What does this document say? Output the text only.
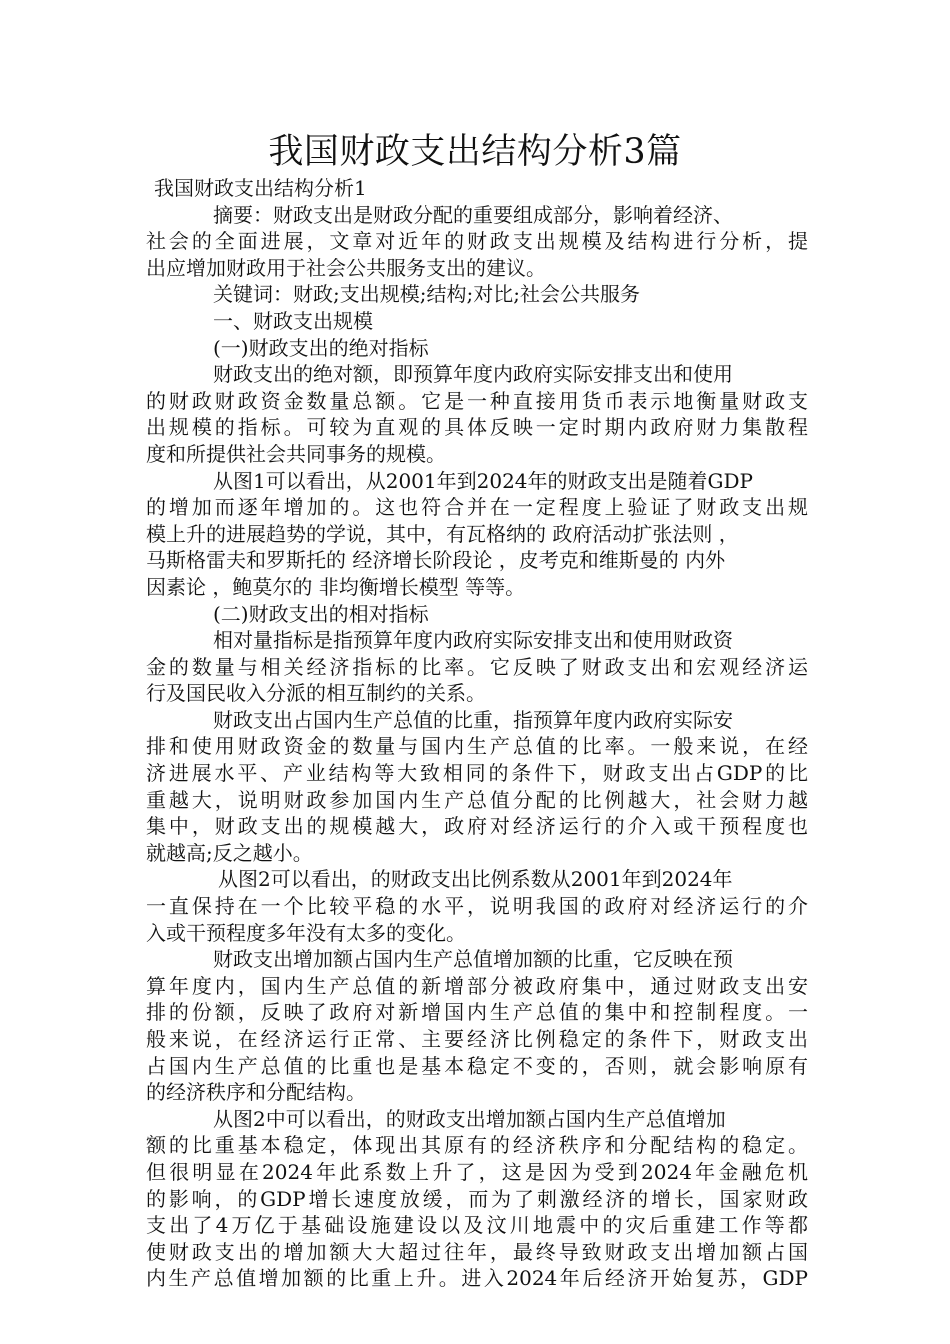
我国财政支出结构分析3篇
我国财政支出结构分析1
摘要：财政支出是财政分配的重要组成部分，影响着经济、
社会的全面进展，文章对近年的财政支出规模及结构进行分析，提
出应增加财政用于社会公共服务支出的建议。
关键词：财政;支出规模;结构;对比;社会公共服务
一、财政支出规模
(一)财政支出的绝对指标
财政支出的绝对额，即预算年度内政府实际安排支出和使用
的财政财政资金数量总额。它是一种直接用货币表示地衡量财政支
出规模的指标。可较为直观的具体反映一定时期内政府财力集散程
度和所提供社会共同事务的规模。
从图1可以看出，从2001年到2024年的财政支出是随着GDP
的增加而逐年增加的。这也符合并在一定程度上验证了财政支出规
模上升的进展趋势的学说，其中，有瓦格纳的 政府活动扩张法则 ，
马斯格雷夫和罗斯托的 经济增长阶段论 ，皮考克和维斯曼的 内外
因素论 ，鲍莫尔的 非均衡增长模型 等等。
(二)财政支出的相对指标
相对量指标是指预算年度内政府实际安排支出和使用财政资
金的数量与相关经济指标的比率。它反映了财政支出和宏观经济运
行及国民收入分派的相互制约的关系。
财政支出占国内生产总值的比重，指预算年度内政府实际安
排和使用财政资金的数量与国内生产总值的比率。一般来说，在经
济进展水平、产业结构等大致相同的条件下，财政支出占GDP的比
重越大，说明财政参加国内生产总值分配的比例越大，社会财力越
集中，财政支出的规模越大，政府对经济运行的介入或干预程度也
就越高;反之越小。
从图2可以看出，的财政支出比例系数从2001年到2024年
一直保持在一个比较平稳的水平，说明我国的政府对经济运行的介
入或干预程度多年没有太多的变化。
财政支出增加额占国内生产总值增加额的比重，它反映在预
算年度内，国内生产总值的新增部分被政府集中，通过财政支出安
排的份额，反映了政府对新增国内生产总值的集中和控制程度。一
般来说，在经济运行正常、主要经济比例稳定的条件下，财政支出
占国内生产总值的比重也是基本稳定不变的，否则，就会影响原有
的经济秩序和分配结构。
从图2中可以看出，的财政支出增加额占国内生产总值增加
额的比重基本稳定，体现出其原有的经济秩序和分配结构的稳定。
但很明显在2024年此系数上升了，这是因为受到2024年金融危机
的影响，的GDP增长速度放缓，而为了刺激经济的增长，国家财政
支出了4万亿于基础设施建设以及汶川地震中的灾后重建工作等都
使财政支出的增加额大大超过往年，最终导致财政支出增加额占国
内生产总值增加额的比重上升。进入2024年后经济开始复苏，GDP
